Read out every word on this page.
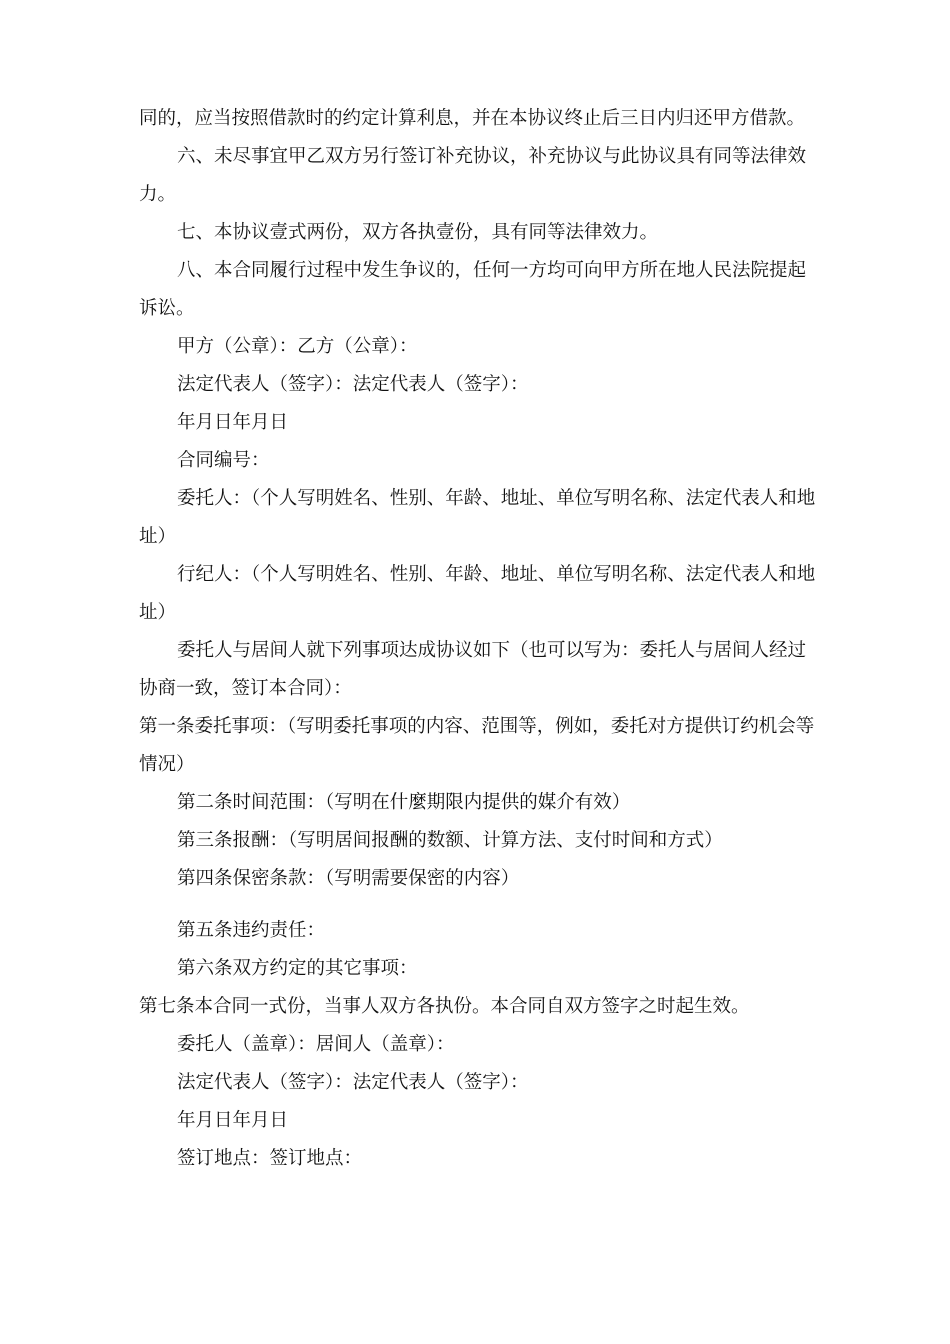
同的，应当按照借款时的约定计算利息，并在本协议终止后三日内归还甲方借款。

六、未尽事宜甲乙双方另行签订补充协议，补充协议与此协议具有同等法律效力。

七、本协议壹式两份，双方各执壹份，具有同等法律效力。

八、本合同履行过程中发生争议的，任何一方均可向甲方所在地人民法院提起诉讼。

甲方（公章）：乙方（公章）：

法定代表人（签字）：法定代表人（签字）：

年月日年月日

合同编号：

委托人：（个人写明姓名、性别、年龄、地址、单位写明名称、法定代表人和地址）

行纪人：（个人写明姓名、性别、年龄、地址、单位写明名称、法定代表人和地址）

委托人与居间人就下列事项达成协议如下（也可以写为：委托人与居间人经过协商一致，签订本合同）：

第一条委托事项：（写明委托事项的内容、范围等，例如，委托对方提供订约机会等情况）

第二条时间范围：（写明在什麼期限内提供的媒介有效）

第三条报酬：（写明居间报酬的数额、计算方法、支付时间和方式）

第四条保密条款：（写明需要保密的内容）

第五条违约责任：

第六条双方约定的其它事项：

第七条本合同一式份，当事人双方各执份。本合同自双方签字之时起生效。

委托人（盖章）：居间人（盖章）：

法定代表人（签字）：法定代表人（签字）：

年月日年月日

签订地点：签订地点：
